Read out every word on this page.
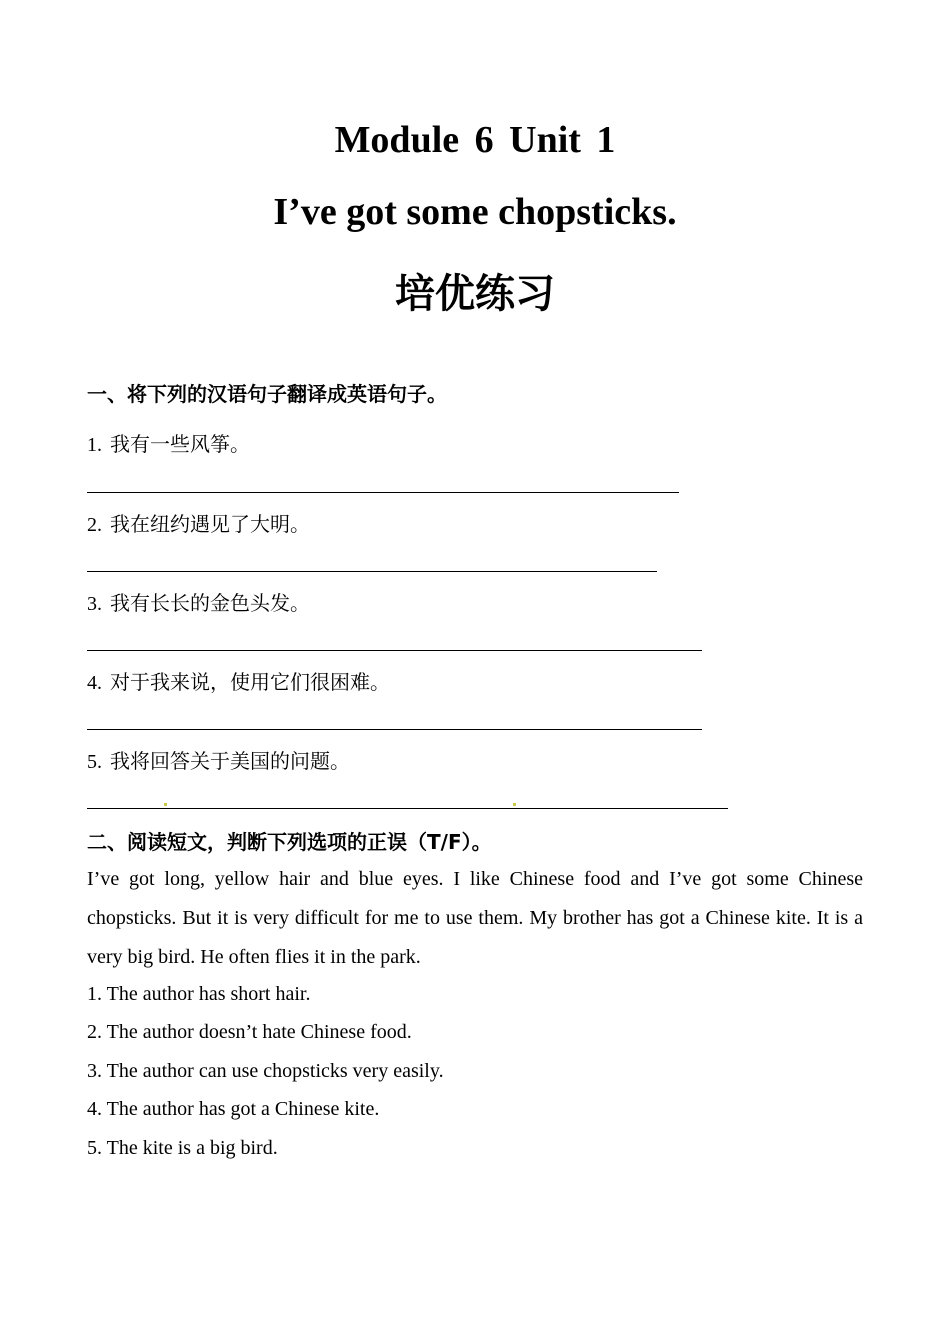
Module 6 Unit 1
I’ve got some chopsticks.
培优练习
一、将下列的汉语句子翻译成英语句子。
1. 我有一些风筝。
2. 我在纽约遇见了大明。
3. 我有长长的金色头发。
4. 对于我来说，使用它们很困难。
5. 我将回答关于美国的问题。
二、阅读短文，判断下列选项的正误（T/F）。
I’ve got long, yellow hair and blue eyes. I like Chinese food and I’ve got some Chinese chopsticks. But it is very difficult for me to use them. My brother has got a Chinese kite. It is a very big bird. He often flies it in the park.
1. The author has short hair.
2. The author doesn’t hate Chinese food.
3. The author can use chopsticks very easily.
4. The author has got a Chinese kite.
5. The kite is a big bird.
